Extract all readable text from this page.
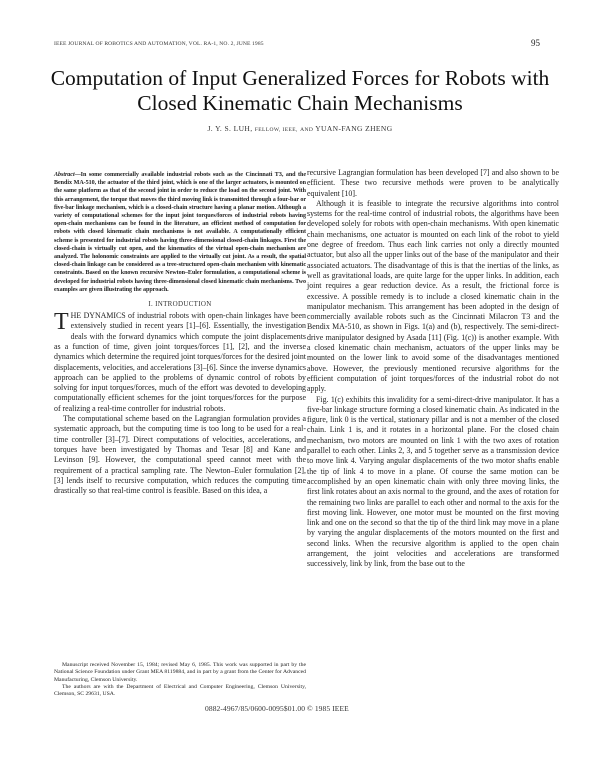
IEEE JOURNAL OF ROBOTICS AND AUTOMATION, VOL. RA-1, NO. 2, JUNE 1985	95
Computation of Input Generalized Forces for Robots with Closed Kinematic Chain Mechanisms
J. Y. S. LUH, FELLOW, IEEE, AND YUAN-FANG ZHENG
Abstract—In some commercially available industrial robots such as the Cincinnati T3, and the Bendix MA-510, the actuator of the third joint, which is one of the larger actuators, is mounted on the same platform as that of the second joint in order to reduce the load on the second joint. With this arrangement, the torque that moves the third moving link is transmitted through a four-bar or five-bar linkage mechanism, which is a closed-chain structure having a planar motion. Although a variety of computational schemes for the input joint torques/forces of industrial robots having open-chain mechanisms can be found in the literature, an efficient method of computation for robots with closed kinematic chain mechanisms is not available. A computationally efficient scheme is presented for industrial robots having three-dimensional closed-chain linkages. First the closed-chain is virtually cut open, and the kinematics of the virtual open-chain mechanism are analyzed. The holonomic constraints are applied to the virtually cut joint. As a result, the spatial closed-chain linkage can be considered as a tree-structured open-chain mechanism with kinematic constraints. Based on the known recursive Newton–Euler formulation, a computational scheme is developed for industrial robots having three-dimensional closed kinematic chain mechanisms. Two examples are given illustrating the approach.
I. INTRODUCTION

THE DYNAMICS of industrial robots with open-chain linkages have been extensively studied in recent years [1]–[6]. Essentially, the investigation deals with the forward dynamics which compute the joint displacements as a function of time, given joint torques/forces [1], [2], and the inverse dynamics which determine the required joint torques/forces for the desired joint displacements, velocities, and accelerations [3]–[6]. Since the inverse dynamics approach can be applied to the problems of dynamic control of robots by solving for input torques/forces, much of the effort was devoted to developing computationally efficient schemes for the joint torques/forces for the purpose of realizing a real-time controller for industrial robots.

The computational scheme based on the Lagrangian formulation provides a systematic approach, but the computing time is too long to be used for a real-time controller [3]–[7]. Direct computations of velocities, accelerations, and torques have been investigated by Thomas and Tesar [8] and Kane and Levinson [9]. However, the computational speed cannot meet with the requirement of a practical sampling rate. The Newton–Euler formulation [2], [3] lends itself to recursive computation, which reduces the computing time drastically so that real-time control is feasible. Based on this idea, a

recursive Lagrangian formulation has been developed [7] and also shown to be efficient. These two recursive methods were proven to be analytically equivalent [10].

Although it is feasible to integrate the recursive algorithms into control systems for the real-time control of industrial robots, the algorithms have been developed solely for robots with open-chain mechanisms. With open kinematic chain mechanisms, one actuator is mounted on each link of the robot to yield one degree of freedom. Thus each link carries not only a directly mounted actuator, but also all the upper links out of the base of the manipulator and their associated actuators. The disadvantage of this is that the inertias of the links, as well as gravitational loads, are quite large for the upper links. In addition, each joint requires a gear reduction device. As a result, the frictional force is excessive. A possible remedy is to include a closed kinematic chain in the manipulator mechanism. This arrangement has been adopted in the design of commercially available robots such as the Cincinnati Milacron T3 and the Bendix MA-510, as shown in Figs. 1(a) and (b), respectively. The semi-direct-drive manipulator designed by Asada [11] (Fig. 1(c)) is another example. With a closed kinematic chain mechanism, actuators of the upper links may be mounted on the lower link to avoid some of the disadvantages mentioned above. However, the previously mentioned recursive algorithms for the efficient computation of joint torques/forces of the industrial robot do not apply.

Fig. 1(c) exhibits this invalidity for a semi-direct-drive manipulator. It has a five-bar linkage structure forming a closed kinematic chain. As indicated in the figure, link 0 is the vertical, stationary pillar and is not a member of the closed chain. Link 1 is, and it rotates in a horizontal plane. For the closed chain mechanism, two motors are mounted on link 1 with the two axes of rotation parallel to each other. Links 2, 3, and 5 together serve as a transmission device to move link 4. Varying angular displacements of the two motor shafts enable the tip of link 4 to move in a plane. Of course the same motion can be accomplished by an open kinematic chain with only three moving links, the first link rotates about an axis normal to the ground, and the axes of rotation for the remaining two links are parallel to each other and normal to the axis for the first moving link. However, one motor must be mounted on the first moving link and one on the second so that the tip of the third link may move in a plane by varying the angular displacements of the motors mounted on the first and second links. When the recursive algorithm is applied to the open chain arrangement, the joint velocities and accelerations are transformed successively, link by link, from the base out to the

Manuscript received November 15, 1984; revised May 6, 1985. This work was supported in part by the National Science Foundation under Grant MEA 8119884, and in part by a grant from the Center for Advanced Manufacturing, Clemson University.

The authors are with the Department of Electrical and Computer Engineering, Clemson University, Clemson, SC 29631, USA.

0882-4967/85/0600-0095$01.00 © 1985 IEEE
